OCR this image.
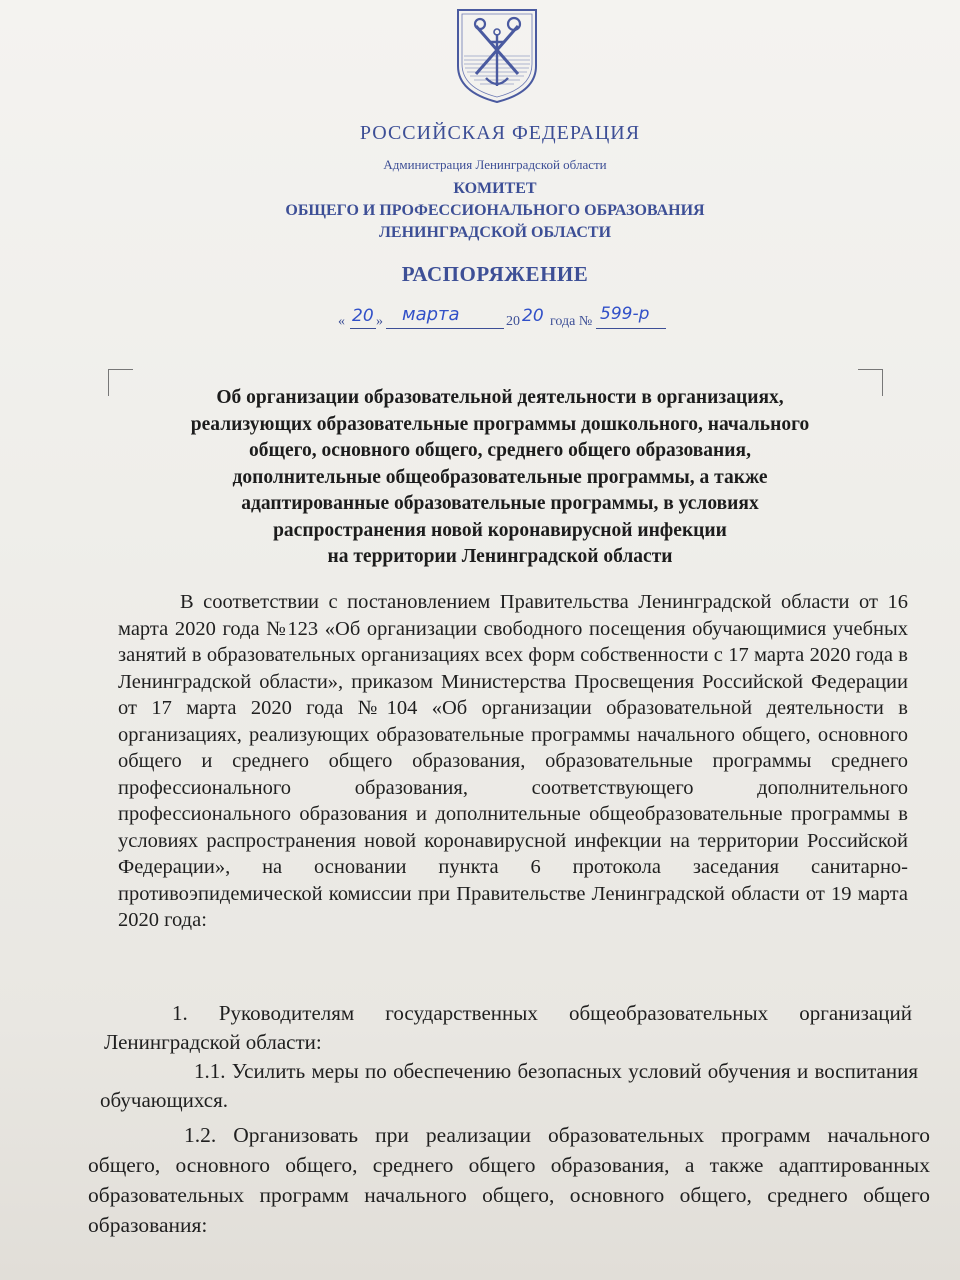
РОССИЙСКАЯ ФЕДЕРАЦИЯ
Администрация Ленинградской области
КОМИТЕТ
ОБЩЕГО И ПРОФЕССИОНАЛЬНОГО ОБРАЗОВАНИЯ
ЛЕНИНГРАДСКОЙ ОБЛАСТИ
РАСПОРЯЖЕНИЕ
« 20 » марта	20 20 года № 599-р
Об организации образовательной деятельности в организациях,
реализующих образовательные программы дошкольного, начального
общего, основного общего, среднего общего образования,
дополнительные общеобразовательные программы, а также
адаптированные образовательные программы, в условиях
распространения новой коронавирусной инфекции
на территории Ленинградской области
В соответствии с постановлением Правительства Ленинградской области от 16 марта 2020 года №123 «Об организации свободного посещения обучающимися учебных занятий в образовательных организациях всех форм собственности с 17 марта 2020 года в Ленинградской области», приказом Министерства Просвещения Российской Федерации от 17 марта 2020 года №104 «Об организации образовательной деятельности в организациях, реализующих образовательные программы начального общего, основного общего и среднего общего образования, образовательные программы среднего профессионального образования, соответствующего дополнительного профессионального образования и дополнительные общеобразовательные программы в условиях распространения новой коронавирусной инфекции на территории Российской Федерации», на основании пункта 6 протокола заседания санитарно-противоэпидемической комиссии при Правительстве Ленинградской области от 19 марта 2020 года:
1. Руководителям государственных общеобразовательных организаций Ленинградской области:
1.1. Усилить меры по обеспечению безопасных условий обучения и воспитания обучающихся.
1.2. Организовать при реализации образовательных программ начального общего, основного общего, среднего общего образования, а также адаптированных образовательных программ начального общего, основного общего, среднего общего образования:
